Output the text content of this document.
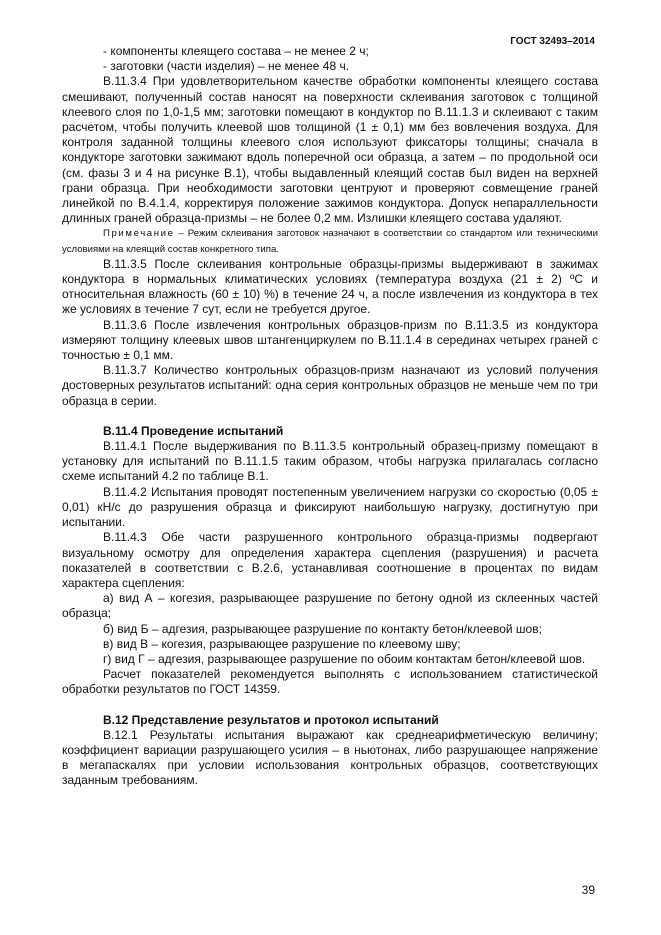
ГОСТ 32493–2014

- компоненты клеящего состава – не менее 2 ч;

- заготовки (части изделия) – не менее 48 ч.

В.11.3.4 При удовлетворительном качестве обработки компоненты клеящего состава смешивают, полученный состав наносят на поверхности склеивания заготовок с толщиной клеевого слоя по 1,0-1,5 мм; заготовки помещают в кондуктор по В.11.1.3 и склеивают с таким расчетом, чтобы получить клеевой шов толщиной (1 ± 0,1) мм без вовлечения воздуха. Для контроля заданной толщины клеевого слоя используют фиксаторы толщины; сначала в кондукторе заготовки зажимают вдоль поперечной оси образца, а затем – по продольной оси (см. фазы 3 и 4 на рисунке В.1), чтобы выдавленный клеящий состав был виден на верхней грани образца. При необходимости заготовки центруют и проверяют совмещение граней линейкой по В.4.1.4, корректируя положение зажимов кондуктора. Допуск непараллельности длинных граней образца-призмы – не более 0,2 мм. Излишки клеящего состава удаляют.

Примечание – Режим склеивания заготовок назначают в соответствии со стандартом или техническими условиями на клеящий состав конкретного типа.

В.11.3.5 После склеивания контрольные образцы-призмы выдерживают в зажимах кондуктора в нормальных климатических условиях (температура воздуха (21 ± 2) ºС и относительная влажность (60 ± 10) %) в течение 24 ч, а после извлечения из кондуктора в тех же условиях в течение 7 сут, если не требуется другое.

В.11.3.6 После извлечения контрольных образцов-призм по В.11.3.5 из кондуктора измеряют толщину клеевых швов штангенциркулем по В.11.1.4 в серединах четырех граней с точностью ± 0,1 мм.

В.11.3.7 Количество контрольных образцов-призм назначают из условий получения достоверных результатов испытаний: одна серия контрольных образцов не меньше чем по три образца в серии.

В.11.4 Проведение испытаний

В.11.4.1 После выдерживания по В.11.3.5 контрольный образец-призму помещают в установку для испытаний по В.11.1.5 таким образом, чтобы нагрузка прилагалась согласно схеме испытаний 4.2 по таблице В.1.

В.11.4.2 Испытания проводят постепенным увеличением нагрузки со скоростью (0,05 ± 0,01) кН/с до разрушения образца и фиксируют наибольшую нагрузку, достигнутую при испытании.

В.11.4.3 Обе части разрушенного контрольного образца-призмы подвергают визуальному осмотру для определения характера сцепления (разрушения) и расчета показателей в соответствии с В.2.6, устанавливая соотношение в процентах по видам характера сцепления:

а) вид А – когезия, разрывающее разрушение по бетону одной из склеенных частей образца;

б) вид Б – адгезия, разрывающее разрушение по контакту бетон/клеевой шов;

в) вид В – когезия, разрывающее разрушение по клеевому шву;

г) вид Г – адгезия, разрывающее разрушение по обоим контактам бетон/клеевой шов.

Расчет показателей рекомендуется выполнять с использованием статистической обработки результатов по ГОСТ 14359.

В.12 Представление результатов и протокол испытаний

В.12.1 Результаты испытания выражают как среднеарифметическую величину; коэффициент вариации разрушающего усилия – в ньютонах, либо разрушающее напряжение в мегапаскалях при условии использования контрольных образцов, соответствующих заданным требованиям.

39
